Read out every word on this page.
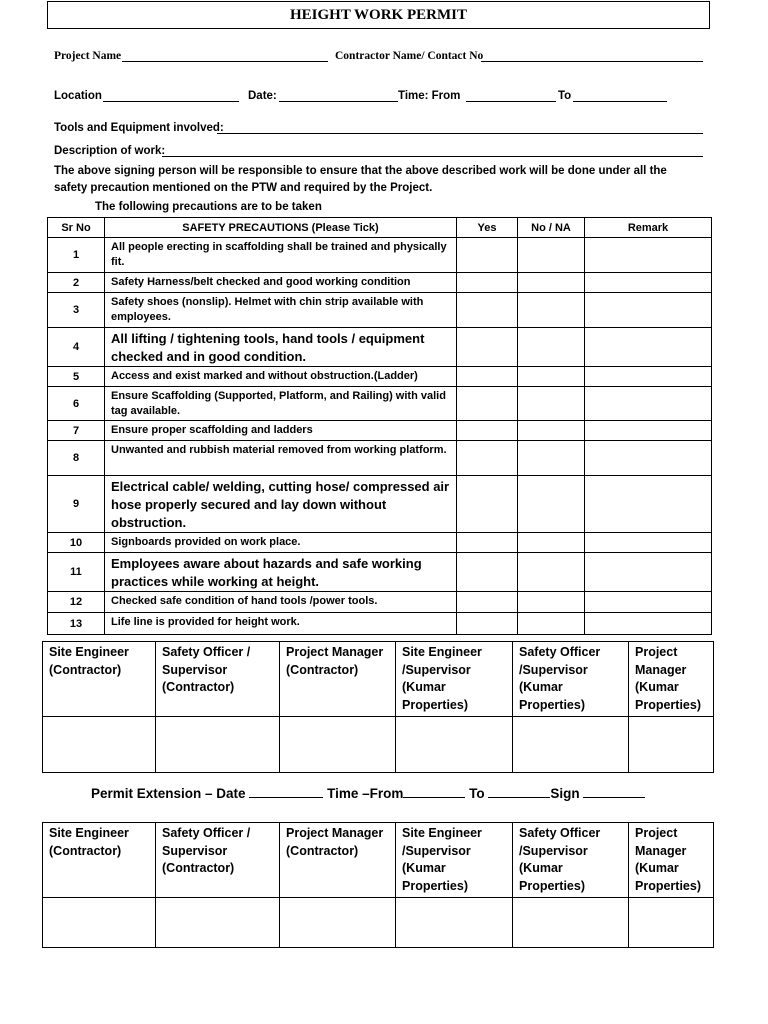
HEIGHT WORK PERMIT
Project Name	Contractor Name/ Contact No
Location	Date:	Time: From	To
Tools and Equipment involved:
Description of work:
The above signing person will be responsible to ensure that the above described work will be done under all the safety precaution mentioned on the PTW and required by the Project.
The following precautions are to be taken
Sr No	SAFETY PRECAUTIONS (Please Tick)	Yes	No / NA	Remark
1	All people erecting in scaffolding shall be trained and physically fit.			
2	Safety Harness/belt checked and good working condition			
3	Safety shoes (nonslip). Helmet with chin strip available with employees.			
4	All lifting / tightening tools, hand tools / equipment checked and in good condition.			
5	Access and exist marked and without obstruction.(Ladder)			
6	Ensure Scaffolding (Supported, Platform, and Railing) with valid tag available.			
7	Ensure proper scaffolding and ladders			
8	Unwanted and rubbish material removed from working platform.			
9	Electrical cable/ welding, cutting hose/ compressed air hose properly secured and lay down without obstruction.			
10	Signboards provided on work place.			
11	Employees aware about hazards and safe working practices while working at height.			
12	Checked safe condition of hand tools /power tools.			
13	Life line is provided for height work.			
Site Engineer (Contractor)	Safety Officer / Supervisor (Contractor)	Project Manager (Contractor)	Site Engineer /Supervisor (Kumar Properties)	Safety Officer /Supervisor (Kumar Properties)	Project Manager (Kumar Properties)

Permit Extension – Date	Time –From	To	Sign
Site Engineer (Contractor)	Safety Officer / Supervisor (Contractor)	Project Manager (Contractor)	Site Engineer /Supervisor (Kumar Properties)	Safety Officer /Supervisor (Kumar Properties)	Project Manager (Kumar Properties)
